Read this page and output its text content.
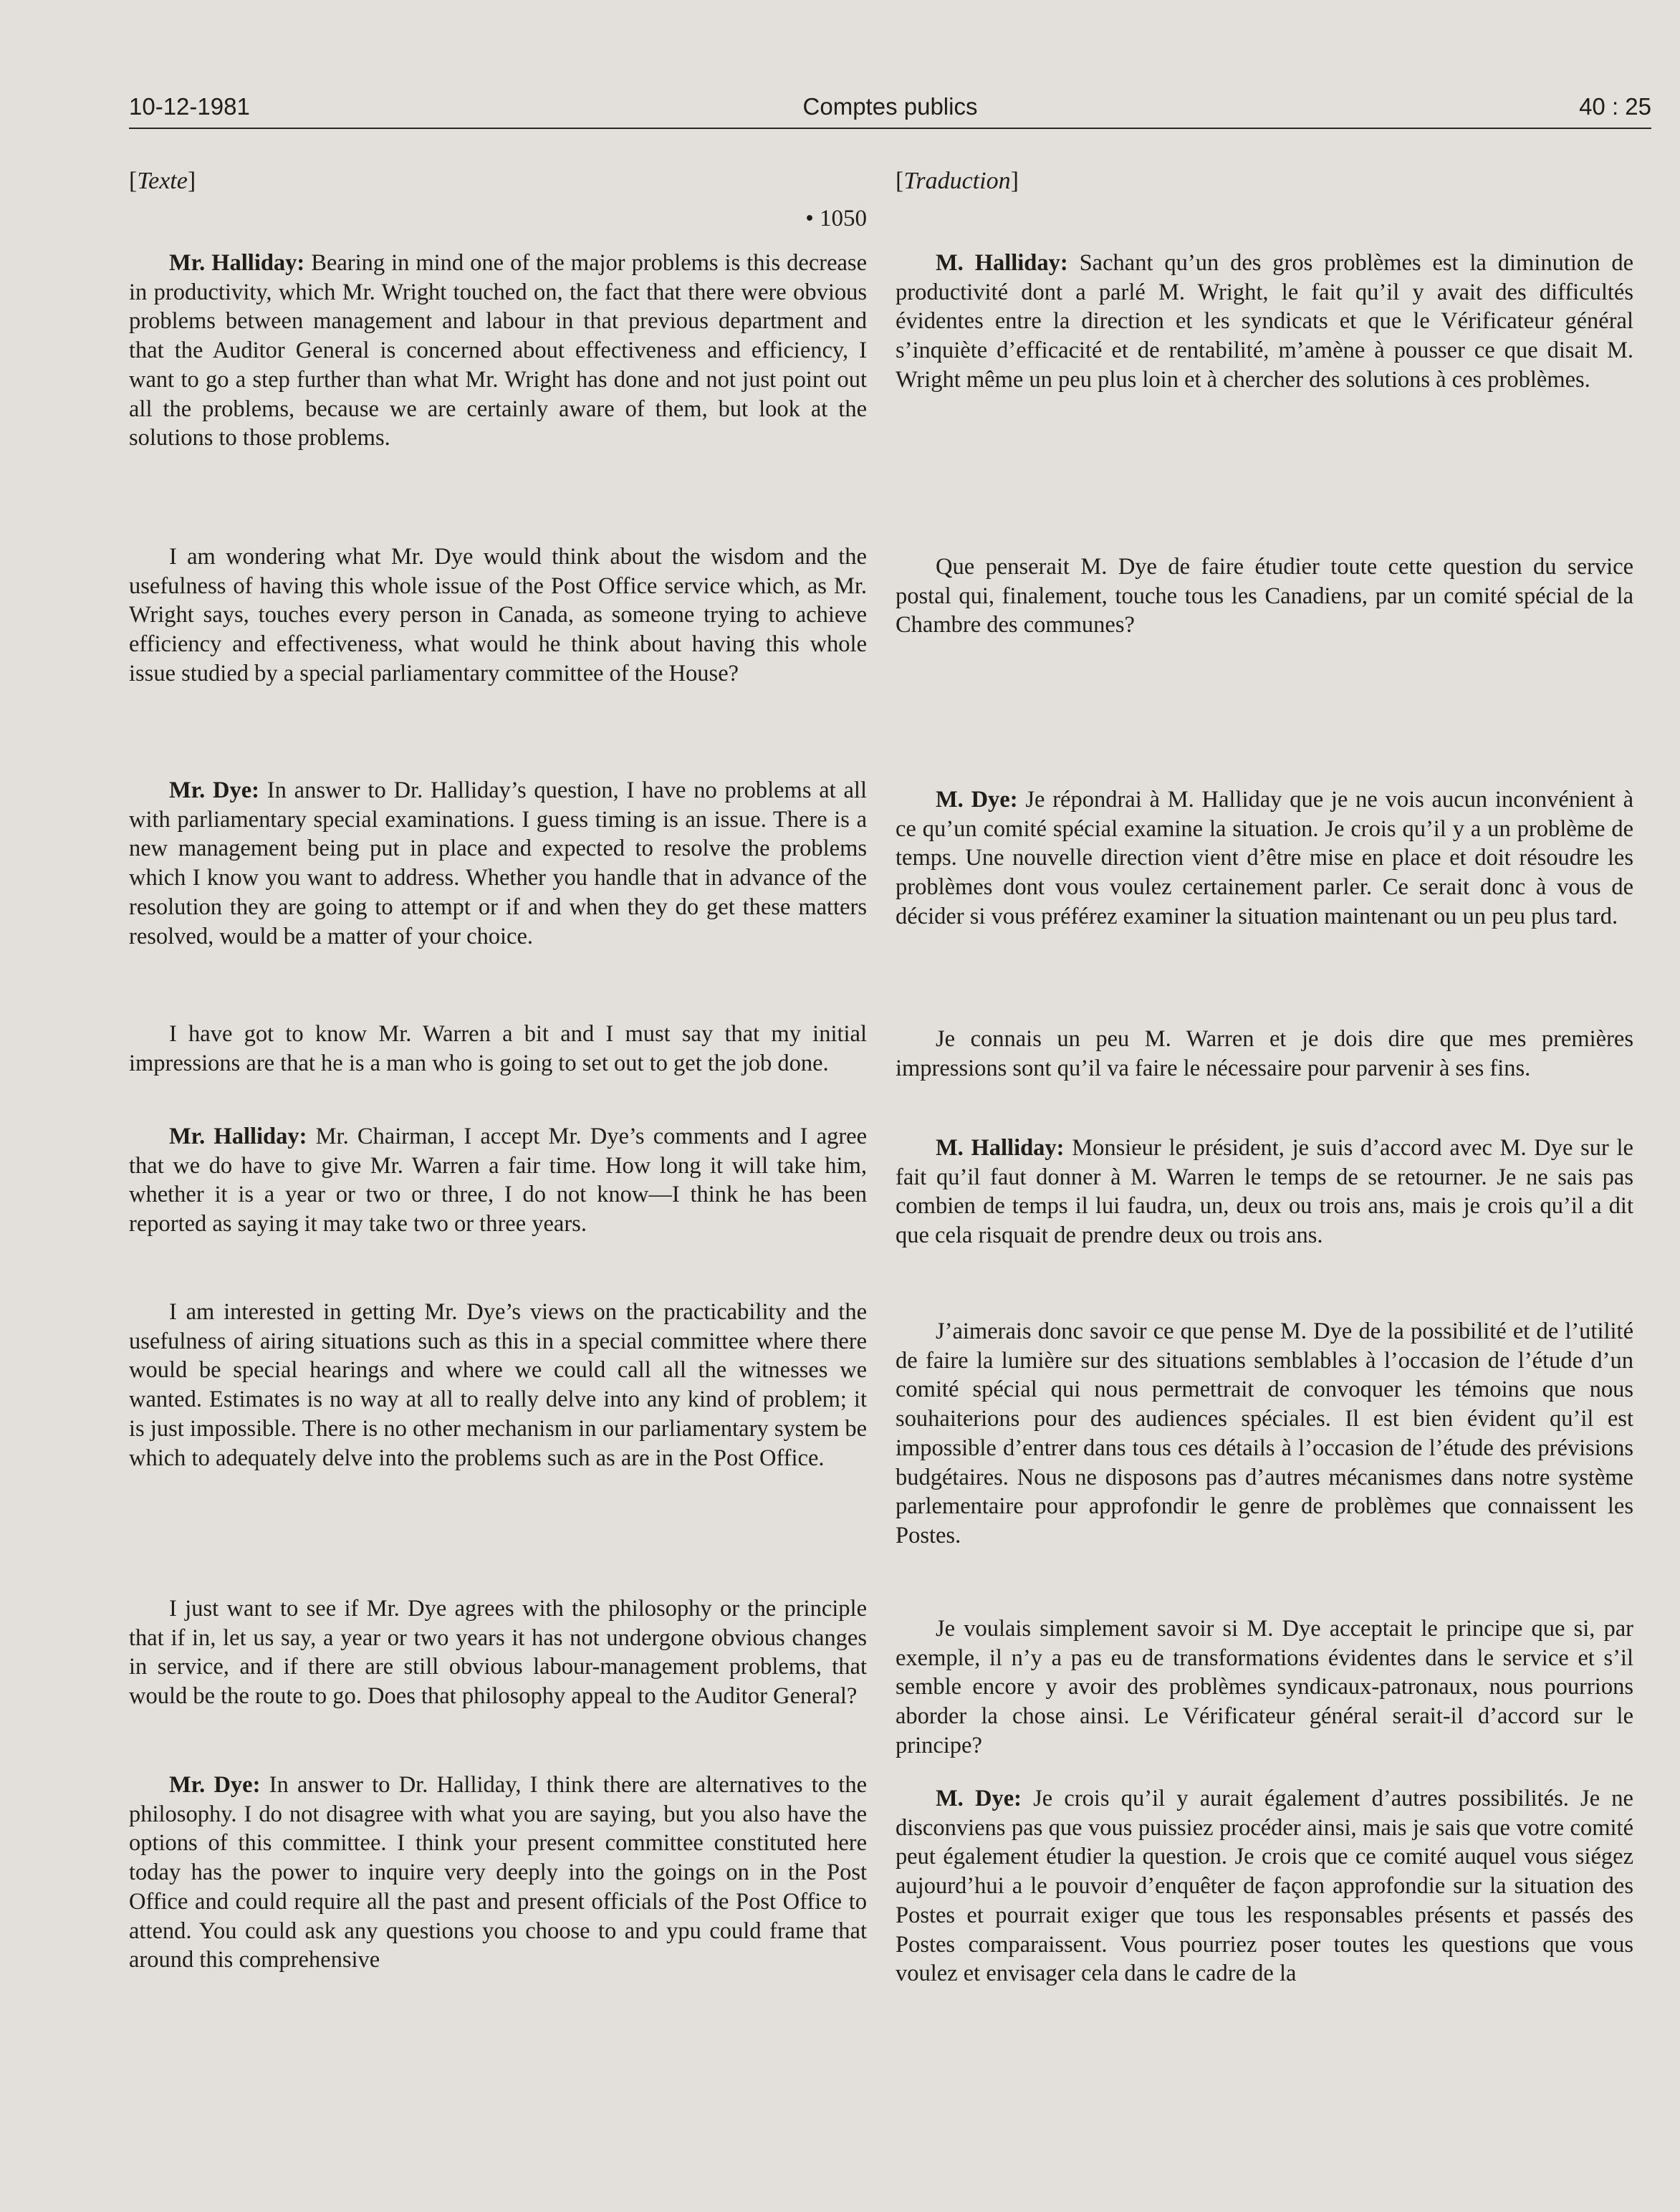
10-12-1981	Comptes publics	40 : 25
[Texte]
• 1050

Mr. Halliday: Bearing in mind one of the major problems is this decrease in productivity, which Mr. Wright touched on, the fact that there were obvious problems between management and labour in that previous department and that the Auditor General is concerned about effectiveness and efficiency, I want to go a step further than what Mr. Wright has done and not just point out all the problems, because we are certainly aware of them, but look at the solutions to those problems.

I am wondering what Mr. Dye would think about the wisdom and the usefulness of having this whole issue of the Post Office service which, as Mr. Wright says, touches every person in Canada, as someone trying to achieve efficiency and effectiveness, what would he think about having this whole issue studied by a special parliamentary committee of the House?

Mr. Dye: In answer to Dr. Halliday’s question, I have no problems at all with parliamentary special examinations. I guess timing is an issue. There is a new management being put in place and expected to resolve the problems which I know you want to address. Whether you handle that in advance of the resolution they are going to attempt or if and when they do get these matters resolved, would be a matter of your choice.

I have got to know Mr. Warren a bit and I must say that my initial impressions are that he is a man who is going to set out to get the job done.

Mr. Halliday: Mr. Chairman, I accept Mr. Dye’s comments and I agree that we do have to give Mr. Warren a fair time. How long it will take him, whether it is a year or two or three, I do not know—I think he has been reported as saying it may take two or three years.

I am interested in getting Mr. Dye’s views on the practicability and the usefulness of airing situations such as this in a special committee where there would be special hearings and where we could call all the witnesses we wanted. Estimates is no way at all to really delve into any kind of problem; it is just impossible. There is no other mechanism in our parliamentary system be which to adequately delve into the problems such as are in the Post Office.

I just want to see if Mr. Dye agrees with the philosophy or the principle that if in, let us say, a year or two years it has not undergone obvious changes in service, and if there are still obvious labour-management problems, that would be the route to go. Does that philosophy appeal to the Auditor General?

Mr. Dye: In answer to Dr. Halliday, I think there are alternatives to the philosophy. I do not disagree with what you are saying, but you also have the options of this committee. I think your present committee constituted here today has the power to inquire very deeply into the goings on in the Post Office and could require all the past and present officials of the Post Office to attend. You could ask any questions you choose to and ypu could frame that around this comprehensive

[Traduction]

M. Halliday: Sachant qu’un des gros problèmes est la diminution de productivité dont a parlé M. Wright, le fait qu’il y avait des difficultés évidentes entre la direction et les syndicats et que le Vérificateur général s’inquiète d’efficacité et de rentabilité, m’amène à pousser ce que disait M. Wright même un peu plus loin et à chercher des solutions à ces problèmes.

Que penserait M. Dye de faire étudier toute cette question du service postal qui, finalement, touche tous les Canadiens, par un comité spécial de la Chambre des communes?

M. Dye: Je répondrai à M. Halliday que je ne vois aucun inconvénient à ce qu’un comité spécial examine la situation. Je crois qu’il y a un problème de temps. Une nouvelle direction vient d’être mise en place et doit résoudre les problèmes dont vous voulez certainement parler. Ce serait donc à vous de décider si vous préférez examiner la situation maintenant ou un peu plus tard.

Je connais un peu M. Warren et je dois dire que mes premières impressions sont qu’il va faire le nécessaire pour parvenir à ses fins.

M. Halliday: Monsieur le président, je suis d’accord avec M. Dye sur le fait qu’il faut donner à M. Warren le temps de se retourner. Je ne sais pas combien de temps il lui faudra, un, deux ou trois ans, mais je crois qu’il a dit que cela risquait de prendre deux ou trois ans.

J’aimerais donc savoir ce que pense M. Dye de la possibilité et de l’utilité de faire la lumière sur des situations semblables à l’occasion de l’étude d’un comité spécial qui nous permettrait de convoquer les témoins que nous souhaiterions pour des audiences spéciales. Il est bien évident qu’il est impossible d’entrer dans tous ces détails à l’occasion de l’étude des prévisions budgétaires. Nous ne disposons pas d’autres mécanismes dans notre système parlementaire pour approfondir le genre de problèmes que connaissent les Postes.

Je voulais simplement savoir si M. Dye acceptait le principe que si, par exemple, il n’y a pas eu de transformations évidentes dans le service et s’il semble encore y avoir des problèmes syndicaux-patronaux, nous pourrions aborder la chose ainsi. Le Vérificateur général serait-il d’accord sur le principe?

M. Dye: Je crois qu’il y aurait également d’autres possibilités. Je ne disconviens pas que vous puissiez procéder ainsi, mais je sais que votre comité peut également étudier la question. Je crois que ce comité auquel vous siégez aujourd’hui a le pouvoir d’enquêter de façon approfondie sur la situation des Postes et pourrait exiger que tous les responsables présents et passés des Postes comparaissent. Vous pourriez poser toutes les questions que vous voulez et envisager cela dans le cadre de la
